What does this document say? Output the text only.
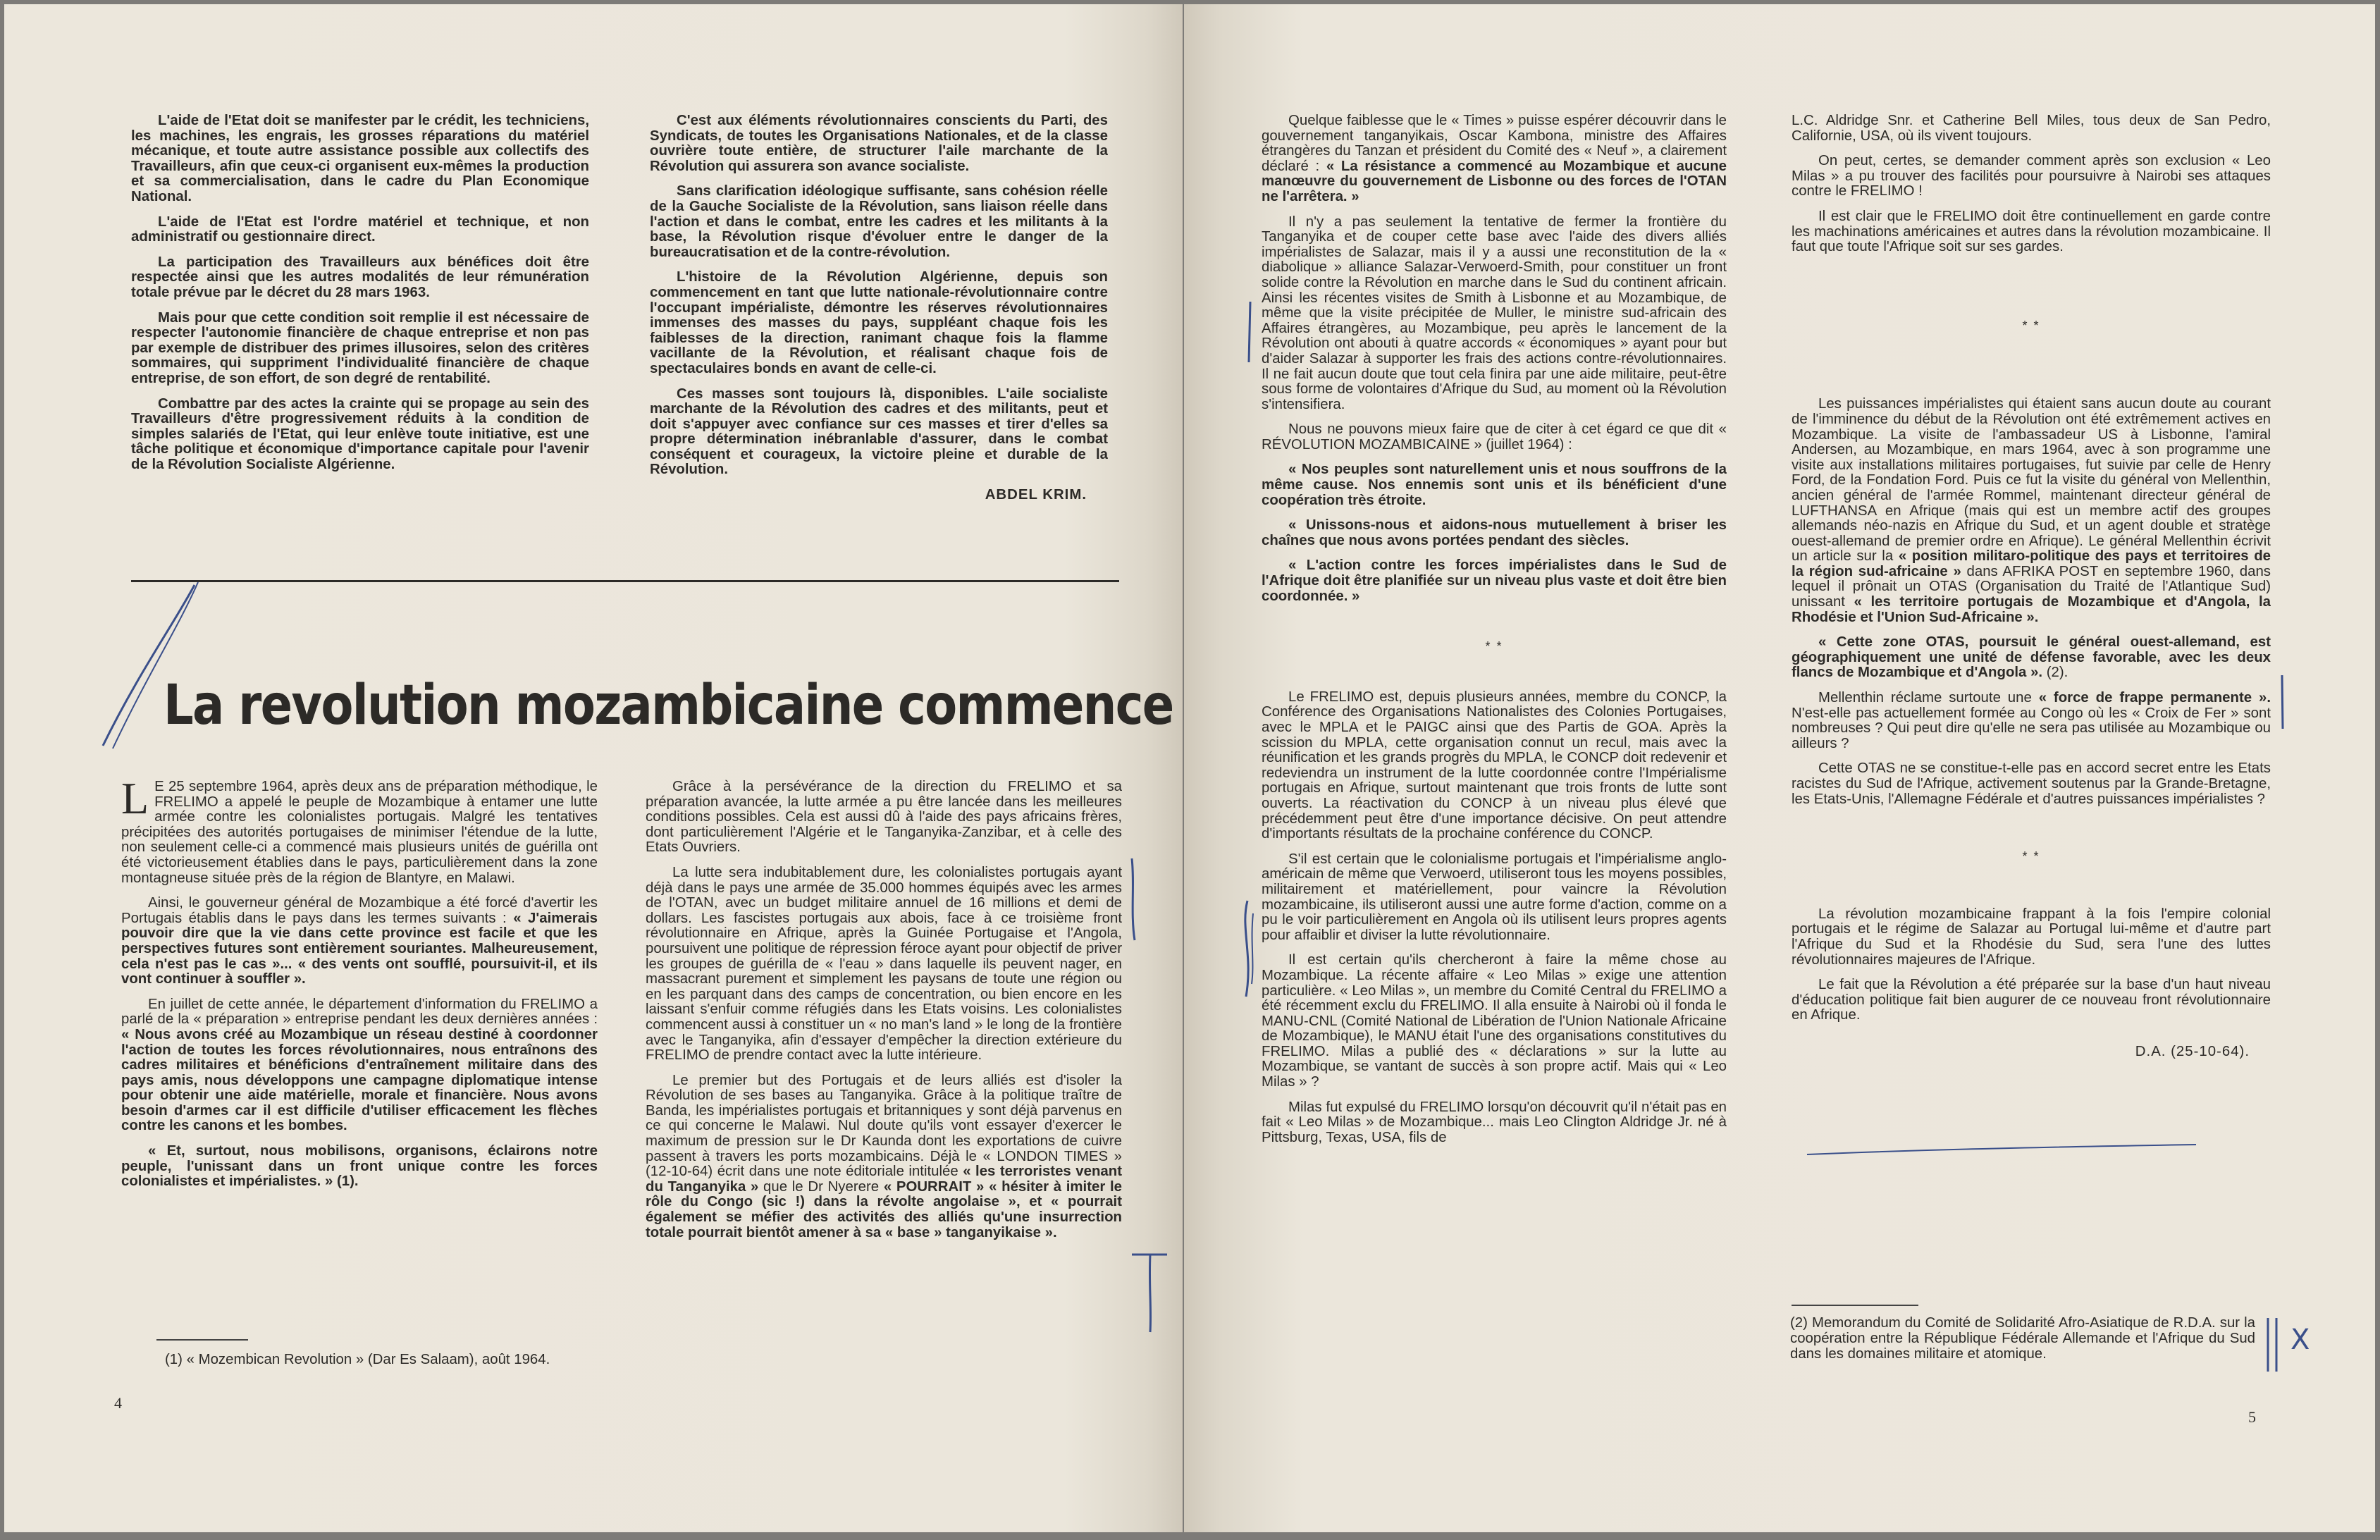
L'aide de l'Etat doit se manifester par le crédit, les techniciens, les machines, les engrais, les grosses réparations du matériel mécanique, et toute autre assistance possible aux collectifs des Travailleurs, afin que ceux-ci organisent eux-mêmes la production et sa commercialisation, dans le cadre du Plan Economique National.

L'aide de l'Etat est l'ordre matériel et technique, et non administratif ou gestionnaire direct.

La participation des Travailleurs aux bénéfices doit être respectée ainsi que les autres modalités de leur rémunération totale prévue par le décret du 28 mars 1963.

Mais pour que cette condition soit remplie il est nécessaire de respecter l'autonomie financière de chaque entreprise et non pas par exemple de distribuer des primes illusoires, selon des critères sommaires, qui suppriment l'individualité financière de chaque entreprise, de son effort, de son degré de rentabilité.

Combattre par des actes la crainte qui se propage au sein des Travailleurs d'être progressivement réduits à la condition de simples salariés de l'Etat, qui leur enlève toute initiative, est une tâche politique et économique d'importance capitale pour l'avenir de la Révolution Socialiste Algérienne.

C'est aux éléments révolutionnaires conscients du Parti, des Syndicats, de toutes les Organisations Nationales, et de la classe ouvrière toute entière, de structurer l'aile marchante de la Révolution qui assurera son avance socialiste.

Sans clarification idéologique suffisante, sans cohésion réelle de la Gauche Socialiste de la Révolution, sans liaison réelle dans l'action et dans le combat, entre les cadres et les militants à la base, la Révolution risque d'évoluer entre le danger de la bureaucratisation et de la contre-révolution.

L'histoire de la Révolution Algérienne, depuis son commencement en tant que lutte nationale-révolutionnaire contre l'occupant impérialiste, démontre les réserves révolutionnaires immenses des masses du pays, suppléant chaque fois les faiblesses de la direction, ranimant chaque fois la flamme vacillante de la Révolution, et réalisant chaque fois de spectaculaires bonds en avant de celle-ci.

Ces masses sont toujours là, disponibles. L'aile socialiste marchante de la Révolution des cadres et des militants, peut et doit s'appuyer avec confiance sur ces masses et tirer d'elles sa propre détermination inébranlable d'assurer, dans le combat conséquent et courageux, la victoire pleine et durable de la Révolution.

ABDEL KRIM.

La revolution mozambicaine commence

L E 25 septembre 1964, après deux ans de préparation méthodique, le FRELIMO a appelé le peuple de Mozambique à entamer une lutte armée contre les colonialistes portugais. Malgré les tentatives précipitées des autorités portugaises de minimiser l'étendue de la lutte, non seulement celle-ci a commencé mais plusieurs unités de guérilla ont été victorieusement établies dans le pays, particulièrement dans la zone montagneuse située près de la région de Blantyre, en Malawi.

Ainsi, le gouverneur général de Mozambique a été forcé d'avertir les Portugais établis dans le pays dans les termes suivants : « J'aimerais pouvoir dire que la vie dans cette province est facile et que les perspectives futures sont entièrement souriantes. Malheureusement, cela n'est pas le cas »... « des vents ont soufflé, poursuivit-il, et ils vont continuer à souffler ».

En juillet de cette année, le département d'information du FRELIMO a parlé de la « préparation » entreprise pendant les deux dernières années : « Nous avons créé au Mozambique un réseau destiné à coordonner l'action de toutes les forces révolutionnaires, nous entraînons des cadres militaires et bénéficions d'entraînement militaire dans des pays amis, nous développons une campagne diplomatique intense pour obtenir une aide matérielle, morale et financière. Nous avons besoin d'armes car il est difficile d'utiliser efficacement les flèches contre les canons et les bombes.

« Et, surtout, nous mobilisons, organisons, éclairons notre peuple, l'unissant dans un front unique contre les forces colonialistes et impérialistes. » (1).

Grâce à la persévérance de la direction du FRELIMO et sa préparation avancée, la lutte armée a pu être lancée dans les meilleures conditions possibles. Cela est aussi dû à l'aide des pays africains frères, dont particulièrement l'Algérie et le Tanganyika-Zanzibar, et à celle des Etats Ouvriers.

La lutte sera indubitablement dure, les colonialistes portugais ayant déjà dans le pays une armée de 35.000 hommes équipés avec les armes de l'OTAN, avec un budget militaire annuel de 16 millions et demi de dollars. Les fascistes portugais aux abois, face à ce troisième front révolutionnaire en Afrique, après la Guinée Portugaise et l'Angola, poursuivent une politique de répression féroce ayant pour objectif de priver les groupes de guérilla de « l'eau » dans laquelle ils peuvent nager, en massacrant purement et simplement les paysans de toute une région ou en les parquant dans des camps de concentration, ou bien encore en les laissant s'enfuir comme réfugiés dans les Etats voisins. Les colonialistes commencent aussi à constituer un « no man's land » le long de la frontière avec le Tanganyika, afin d'essayer d'empêcher la direction extérieure du FRELIMO de prendre contact avec la lutte intérieure.

Le premier but des Portugais et de leurs alliés est d'isoler la Révolution de ses bases au Tanganyika. Grâce à la politique traître de Banda, les impérialistes portugais et britanniques y sont déjà parvenus en ce qui concerne le Malawi. Nul doute qu'ils vont essayer d'exercer le maximum de pression sur le Dr Kaunda dont les exportations de cuivre passent à travers les ports mozambicains. Déjà le « LONDON TIMES » (12-10-64) écrit dans une note éditoriale intitulée « les terroristes venant du Tanganyika » que le Dr Nyerere « POURRAIT » « hésiter à imiter le rôle du Congo (sic !) dans la révolte angolaise », et « pourrait également se méfier des activités des alliés qu'une insurrection totale pourrait bientôt amener à sa « base » tanganyikaise ».

(1) « Mozembican Revolution » (Dar Es Salaam), août 1964.
4

Quelque faiblesse que le « Times » puisse espérer découvrir dans le gouvernement tanganyikais, Oscar Kambona, ministre des Affaires étrangères du Tanzan et président du Comité des « Neuf », a clairement déclaré : « La résistance a commencé au Mozambique et aucune manœuvre du gouvernement de Lisbonne ou des forces de l'OTAN ne l'arrêtera. »

Il n'y a pas seulement la tentative de fermer la frontière du Tanganyika et de couper cette base avec l'aide des divers alliés impérialistes de Salazar, mais il y a aussi une reconstitution de la « diabolique » alliance Salazar-Verwoerd-Smith, pour constituer un front solide contre la Révolution en marche dans le Sud du continent africain. Ainsi les récentes visites de Smith à Lisbonne et au Mozambique, de même que la visite précipitée de Muller, le ministre sud-africain des Affaires étrangères, au Mozambique, peu après le lancement de la Révolution ont abouti à quatre accords « économiques » ayant pour but d'aider Salazar à supporter les frais des actions contre-révolutionnaires. Il ne fait aucun doute que tout cela finira par une aide militaire, peut-être sous forme de volontaires d'Afrique du Sud, au moment où la Révolution s'intensifiera.

Nous ne pouvons mieux faire que de citer à cet égard ce que dit « RÉVOLUTION MOZAMBICAINE » (juillet 1964) :

« Nos peuples sont naturellement unis et nous souffrons de la même cause. Nos ennemis sont unis et ils bénéficient d'une coopération très étroite.

« Unissons-nous et aidons-nous mutuellement à briser les chaînes que nous avons portées pendant des siècles.

« L'action contre les forces impérialistes dans le Sud de l'Afrique doit être planifiée sur un niveau plus vaste et doit être bien coordonnée. »

* *

Le FRELIMO est, depuis plusieurs années, membre du CONCP, la Conférence des Organisations Nationalistes des Colonies Portugaises, avec le MPLA et le PAIGC ainsi que des Partis de GOA. Après la scission du MPLA, cette organisation connut un recul, mais avec la réunification et les grands progrès du MPLA, le CONCP doit redevenir et redeviendra un instrument de la lutte coordonnée contre l'Impérialisme portugais en Afrique, surtout maintenant que trois fronts de lutte sont ouverts. La réactivation du CONCP à un niveau plus élevé que précédemment peut être d'une importance décisive. On peut attendre d'importants résultats de la prochaine conférence du CONCP.

S'il est certain que le colonialisme portugais et l'impérialisme anglo-américain de même que Verwoerd, utiliseront tous les moyens possibles, militairement et matériellement, pour vaincre la Révolution mozambicaine, ils utiliseront aussi une autre forme d'action, comme on a pu le voir particulièrement en Angola où ils utilisent leurs propres agents pour affaiblir et diviser la lutte révolutionnaire.

Il est certain qu'ils chercheront à faire la même chose au Mozambique. La récente affaire « Leo Milas » exige une attention particulière. « Leo Milas », un membre du Comité Central du FRELIMO a été récemment exclu du FRELIMO. Il alla ensuite à Nairobi où il fonda le MANU-CNL (Comité National de Libération de l'Union Nationale Africaine de Mozambique), le MANU était l'une des organisations constitutives du FRELIMO. Milas a publié des « déclarations » sur la lutte au Mozambique, se vantant de succès à son propre actif. Mais qui « Leo Milas » ?

Milas fut expulsé du FRELIMO lorsqu'on découvrit qu'il n'était pas en fait « Leo Milas » de Mozambique... mais Leo Clington Aldridge Jr. né à Pittsburg, Texas, USA, fils de

L.C. Aldridge Snr. et Catherine Bell Miles, tous deux de San Pedro, Californie, USA, où ils vivent toujours.

On peut, certes, se demander comment après son exclusion « Leo Milas » a pu trouver des facilités pour poursuivre à Nairobi ses attaques contre le FRELIMO !

Il est clair que le FRELIMO doit être continuellement en garde contre les machinations américaines et autres dans la révolution mozambicaine. Il faut que toute l'Afrique soit sur ses gardes.

* *

Les puissances impérialistes qui étaient sans aucun doute au courant de l'imminence du début de la Révolution ont été extrêmement actives en Mozambique. La visite de l'ambassadeur US à Lisbonne, l'amiral Andersen, au Mozambique, en mars 1964, avec à son programme une visite aux installations militaires portugaises, fut suivie par celle de Henry Ford, de la Fondation Ford. Puis ce fut la visite du général von Mellenthin, ancien général de l'armée Rommel, maintenant directeur général de LUFTHANSA en Afrique (mais qui est un membre actif des groupes allemands néo-nazis en Afrique du Sud, et un agent double et stratège ouest-allemand de premier ordre en Afrique). Le général Mellenthin écrivit un article sur la « position militaro-politique des pays et territoires de la région sud-africaine » dans AFRIKA POST en septembre 1960, dans lequel il prônait un OTAS (Organisation du Traité de l'Atlantique Sud) unissant « les territoire portugais de Mozambique et d'Angola, la Rhodésie et l'Union Sud-Africaine ».

« Cette zone OTAS, poursuit le général ouest-allemand, est géographiquement une unité de défense favorable, avec les deux flancs de Mozambique et d'Angola ». (2).

Mellenthin réclame surtoute une « force de frappe permanente ». N'est-elle pas actuellement formée au Congo où les « Croix de Fer » sont nombreuses ? Qui peut dire qu'elle ne sera pas utilisée au Mozambique ou ailleurs ?

Cette OTAS ne se constitue-t-elle pas en accord secret entre les Etats racistes du Sud de l'Afrique, activement soutenus par la Grande-Bretagne, les Etats-Unis, l'Allemagne Fédérale et d'autres puissances impérialistes ?

* *

La révolution mozambicaine frappant à la fois l'empire colonial portugais et le régime de Salazar au Portugal lui-même et d'autre part l'Afrique du Sud et la Rhodésie du Sud, sera l'une des luttes révolutionnaires majeures de l'Afrique.

Le fait que la Révolution a été préparée sur la base d'un haut niveau d'éducation politique fait bien augurer de ce nouveau front révolutionnaire en Afrique.

D.A. (25-10-64).

(2) Memorandum du Comité de Solidarité Afro-Asiatique de R.D.A. sur la coopération entre la République Fédérale Allemande et l'Afrique du Sud dans les domaines militaire et atomique.	X
5
